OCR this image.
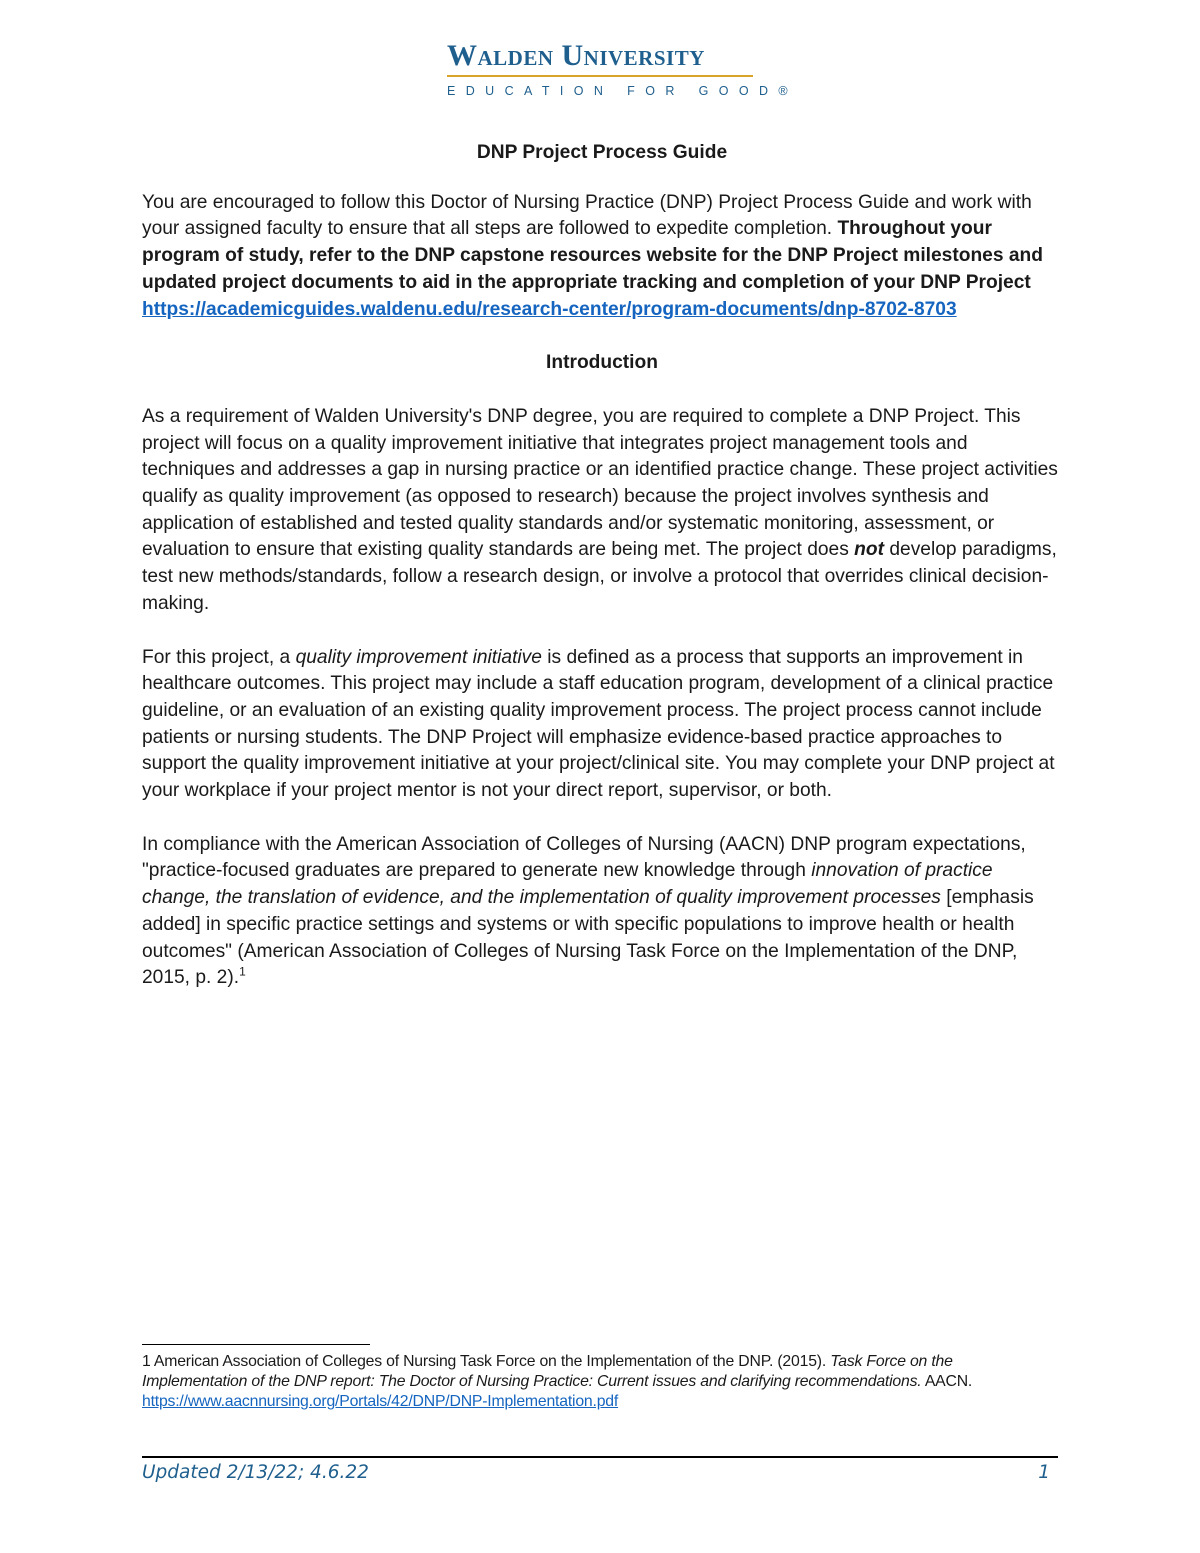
Walden University
EDUCATION FOR GOOD®
DNP Project Process Guide

You are encouraged to follow this Doctor of Nursing Practice (DNP) Project Process Guide and work with your assigned faculty to ensure that all steps are followed to expedite completion. Throughout your program of study, refer to the DNP capstone resources website for the DNP Project milestones and updated project documents to aid in the appropriate tracking and completion of your DNP Project https://academicguides.waldenu.edu/research-center/program-documents/dnp-8702-8703

Introduction

As a requirement of Walden University's DNP degree, you are required to complete a DNP Project. This project will focus on a quality improvement initiative that integrates project management tools and techniques and addresses a gap in nursing practice or an identified practice change. These project activities qualify as quality improvement (as opposed to research) because the project involves synthesis and application of established and tested quality standards and/or systematic monitoring, assessment, or evaluation to ensure that existing quality standards are being met. The project does not develop paradigms, test new methods/standards, follow a research design, or involve a protocol that overrides clinical decision-making.

For this project, a quality improvement initiative is defined as a process that supports an improvement in healthcare outcomes. This project may include a staff education program, development of a clinical practice guideline, or an evaluation of an existing quality improvement process. The project process cannot include patients or nursing students. The DNP Project will emphasize evidence-based practice approaches to support the quality improvement initiative at your project/clinical site. You may complete your DNP project at your workplace if your project mentor is not your direct report, supervisor, or both.

In compliance with the American Association of Colleges of Nursing (AACN) DNP program expectations, "practice-focused graduates are prepared to generate new knowledge through innovation of practice change, the translation of evidence, and the implementation of quality improvement processes [emphasis added] in specific practice settings and systems or with specific populations to improve health or health outcomes" (American Association of Colleges of Nursing Task Force on the Implementation of the DNP, 2015, p. 2).$^1$

1 American Association of Colleges of Nursing Task Force on the Implementation of the DNP. (2015). Task Force on the Implementation of the DNP report: The Doctor of Nursing Practice: Current issues and clarifying recommendations. AACN. https://www.aacnnursing.org/Portals/42/DNP/DNP-Implementation.pdf
Updated 2/13/22; 4.6.22	1
